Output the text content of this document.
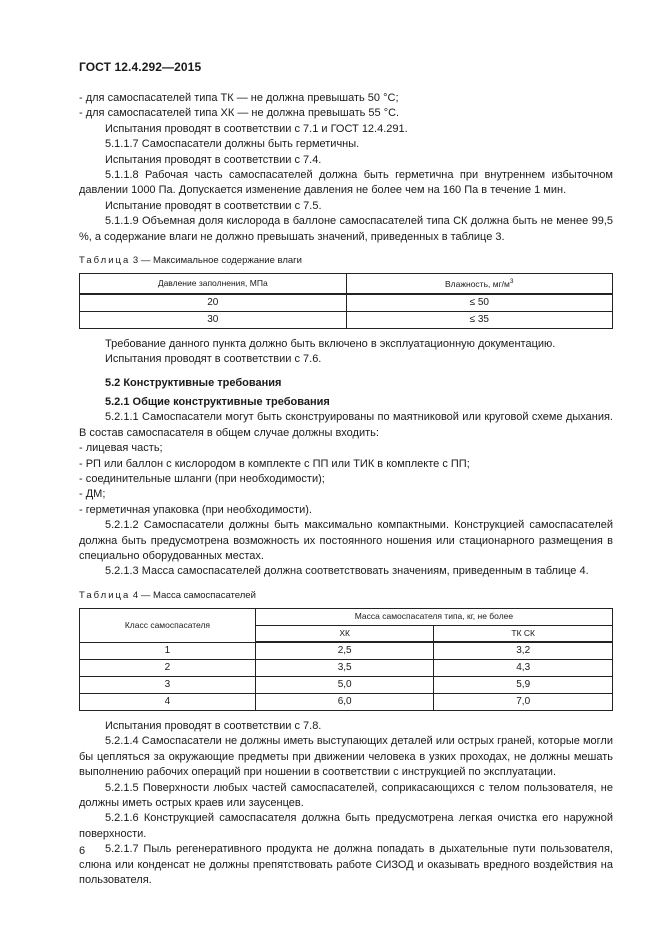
ГОСТ 12.4.292—2015

- для самоспасателей типа ТК — не должна превышать 50 °С;

- для самоспасателей типа ХК — не должна превышать 55 °С.

Испытания проводят в соответствии с 7.1 и ГОСТ 12.4.291.

5.1.1.7 Самоспасатели должны быть герметичны.

Испытания проводят в соответствии с 7.4.

5.1.1.8 Рабочая часть самоспасателей должна быть герметична при внутреннем избыточном давлении 1000 Па. Допускается изменение давления не более чем на 160 Па в течение 1 мин.

Испытание проводят в соответствии с 7.5.

5.1.1.9 Объемная доля кислорода в баллоне самоспасателей типа СК должна быть не менее 99,5 %, а содержание влаги не должно превышать значений, приведенных в таблице 3.

Таблица 3 — Максимальное содержание влаги
Давление заполнения, МПа	Влажность, $мг/м^3$
20	≤ 50
30	≤ 35

Требование данного пункта должно быть включено в эксплуатационную документацию.

Испытания проводят в соответствии с 7.6.

5.2 Конструктивные требования

5.2.1 Общие конструктивные требования

5.2.1.1 Самоспасатели могут быть сконструированы по маятниковой или круговой схеме дыхания. В состав самоспасателя в общем случае должны входить:

- лицевая часть;

- РП или баллон с кислородом в комплекте с ПП или ТИК в комплекте с ПП;

- соединительные шланги (при необходимости);

- ДМ;

- герметичная упаковка (при необходимости).

5.2.1.2 Самоспасатели должны быть максимально компактными. Конструкцией самоспасателей должна быть предусмотрена возможность их постоянного ношения или стационарного размещения в специально оборудованных местах.

5.2.1.3 Масса самоспасателей должна соответствовать значениям, приведенным в таблице 4.

Таблица 4 — Масса самоспасателей
Класс самоспасателя	Масса самоспасателя типа, кг, не более	
	ХК	ТК СК
1	2,5	3,2
2	3,5	4,3
3	5,0	5,9
4	6,0	7,0

Испытания проводят в соответствии с 7.8.

5.2.1.4 Самоспасатели не должны иметь выступающих деталей или острых граней, которые могли бы цепляться за окружающие предметы при движении человека в узких проходах, не должны мешать выполнению рабочих операций при ношении в соответствии с инструкцией по эксплуатации.

5.2.1.5 Поверхности любых частей самоспасателей, соприкасающихся с телом пользователя, не должны иметь острых краев или заусенцев.

5.2.1.6 Конструкцией самоспасателя должна быть предусмотрена легкая очистка его наружной поверхности.

5.2.1.7 Пыль регенеративного продукта не должна попадать в дыхательные пути пользователя, слюна или конденсат не должны препятствовать работе СИЗОД и оказывать вредного воздействия на пользователя.

6
